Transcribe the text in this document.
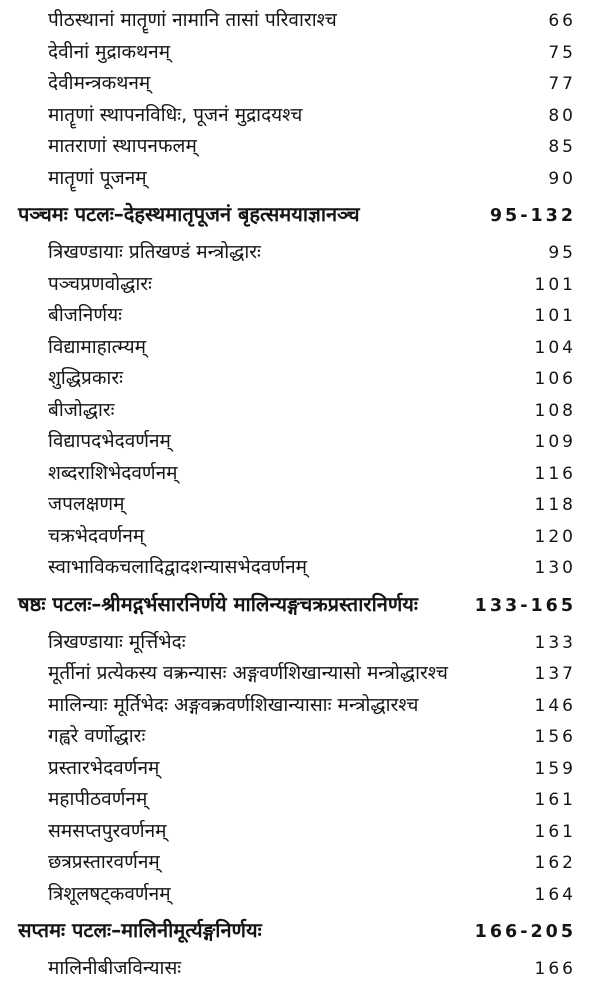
पीठस्थानां मातॄणां नामानि तासां परिवाराश्च	66
देवीनां मुद्राकथनम्	75
देवीमन्त्रकथनम्	77
मातॄणां स्थापनविधिः, पूजनं मुद्रादयश्च	80
मातराणां स्थापनफलम्	85
मातॄणां पूजनम्	90
पञ्चमः पटलः–देहस्थमातृपूजनं बृहत्समयाज्ञानञ्च	95-132
त्रिखण्डायाः प्रतिखण्डं मन्त्रोद्धारः	95
पञ्चप्रणवोद्धारः	101
बीजनिर्णयः	101
विद्यामाहात्म्यम्	104
शुद्धिप्रकारः	106
बीजोद्धारः	108
विद्यापदभेदवर्णनम्	109
शब्दराशिभेदवर्णनम्	116
जपलक्षणम्	118
चक्रभेदवर्णनम्	120
स्वाभाविकचलादिद्वादशन्यासभेदवर्णनम्	130
षष्ठः पटलः–श्रीमद्गर्भसारनिर्णये मालिन्यङ्गचक्रप्रस्तारनिर्णयः	133-165
त्रिखण्डायाः मूर्त्तिभेदः	133
मूर्तीनां प्रत्येकस्य वक्त्रन्यासः अङ्गवर्णशिखान्यासो मन्त्रोद्धारश्च	137
मालिन्याः मूर्तिभेदः अङ्गवक्त्रवर्णशिखान्यासाः मन्त्रोद्धारश्च	146
गह्वरे वर्णोद्धारः	156
प्रस्तारभेदवर्णनम्	159
महापीठवर्णनम्	161
समसप्तपुरवर्णनम्	161
छत्रप्रस्तारवर्णनम्	162
त्रिशूलषट्कवर्णनम्	164
सप्तमः पटलः–मालिनीमूर्त्यङ्गनिर्णयः	166-205
मालिनीबीजविन्यासः	166
